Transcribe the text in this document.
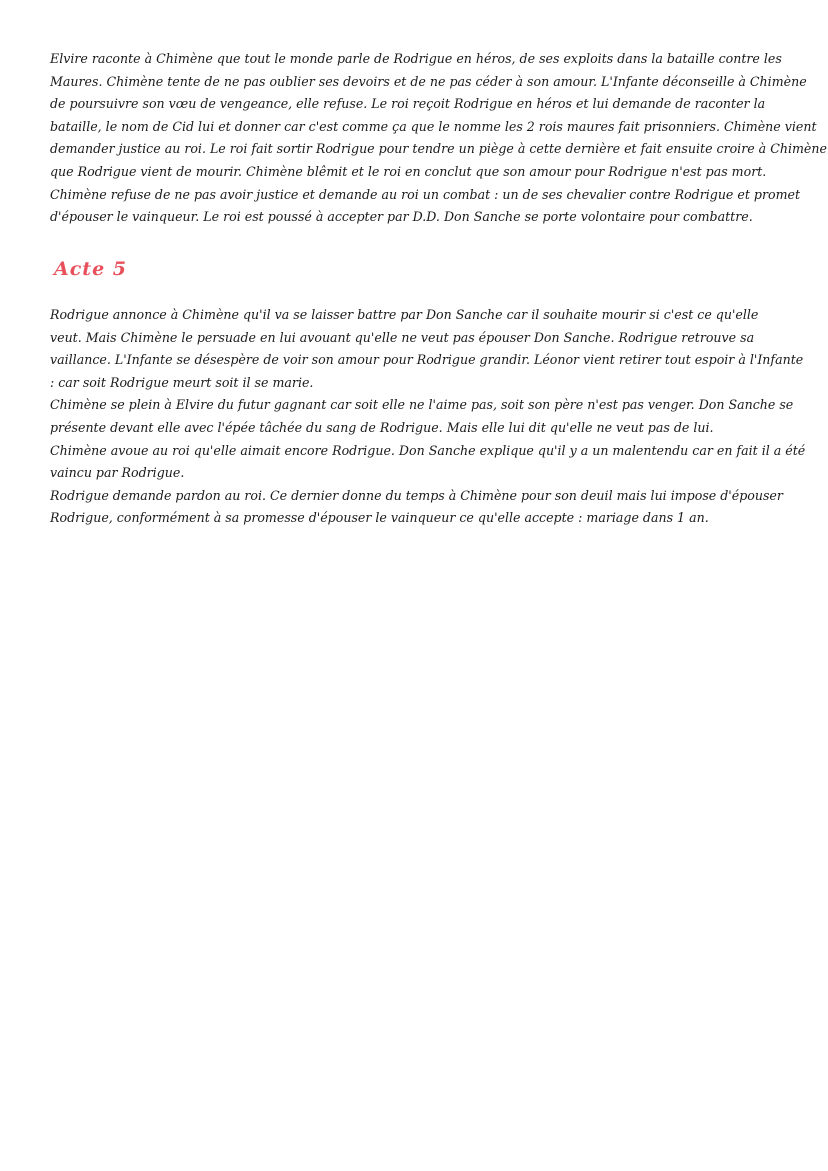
Elvire raconte à Chimène que tout le monde parle de Rodrigue en héros, de ses exploits dans la bataille contre les
Maures. Chimène tente de ne pas oublier ses devoirs et de ne pas céder à son amour. L'Infante déconseille à Chimène
de poursuivre son vœu de vengeance, elle refuse. Le roi reçoit Rodrigue en héros et lui demande de raconter la
bataille, le nom de Cid lui et donner car c'est comme ça que le nomme les 2 rois maures fait prisonniers. Chimène vient
demander justice au roi. Le roi fait sortir Rodrigue pour tendre un piège à cette dernière et fait ensuite croire à Chimène
que Rodrigue vient de mourir. Chimène blêmit et le roi en conclut que son amour pour Rodrigue n'est pas mort.
Chimène refuse de ne pas avoir justice et demande au roi un combat : un de ses chevalier contre Rodrigue et promet
d'épouser le vainqueur. Le roi est poussé à accepter par D.D. Don Sanche se porte volontaire pour combattre.
Acte 5
Rodrigue annonce à Chimène qu'il va se laisser battre par Don Sanche car il souhaite mourir si c'est ce qu'elle
veut. Mais Chimène le persuade en lui avouant qu'elle ne veut pas épouser Don Sanche. Rodrigue retrouve sa
vaillance. L'Infante se désespère de voir son amour pour Rodrigue grandir. Léonor vient retirer tout espoir à l'Infante
: car soit Rodrigue meurt soit il se marie.
Chimène se plein à Elvire du futur gagnant car soit elle ne l'aime pas, soit son père n'est pas venger. Don Sanche se
présente devant elle avec l'épée tâchée du sang de Rodrigue. Mais elle lui dit qu'elle ne veut pas de lui.
Chimène avoue au roi qu'elle aimait encore Rodrigue. Don Sanche explique qu'il y a un malentendu car en fait il a été
vaincu par Rodrigue.
Rodrigue demande pardon au roi. Ce dernier donne du temps à Chimène pour son deuil mais lui impose d'épouser
Rodrigue, conformément à sa promesse d'épouser le vainqueur ce qu'elle accepte : mariage dans 1 an.
